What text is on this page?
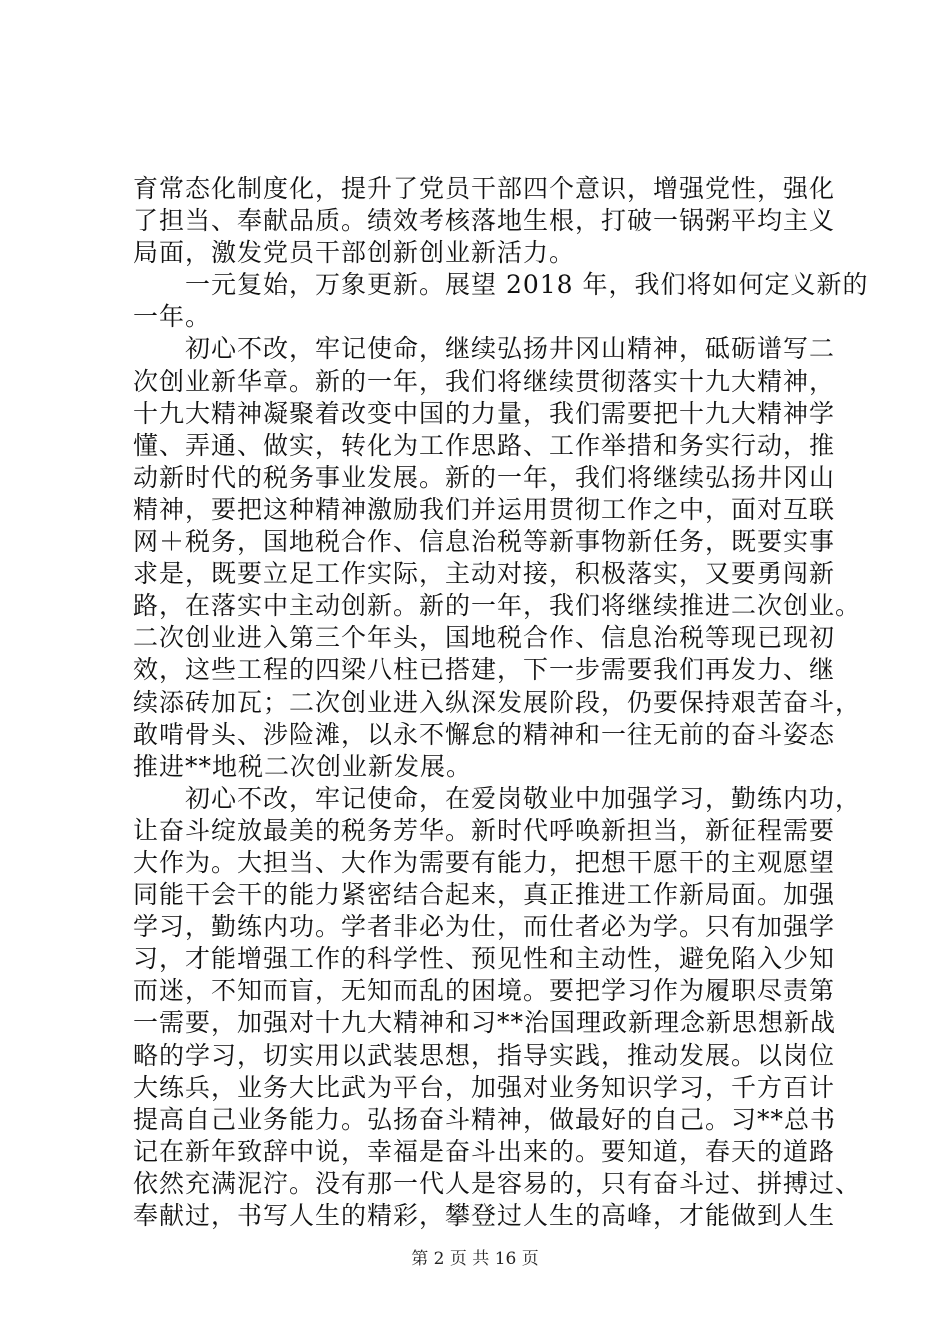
育常态化制度化，提升了党员干部四个意识，增强党性，强化
了担当、奉献品质。绩效考核落地生根，打破一锅粥平均主义
局面，激发党员干部创新创业新活力。
　　一元复始，万象更新。展望 2018 年，我们将如何定义新的
一年。
　　初心不改，牢记使命，继续弘扬井冈山精神，砥砺谱写二
次创业新华章。新的一年，我们将继续贯彻落实十九大精神，
十九大精神凝聚着改变中国的力量，我们需要把十九大精神学
懂、弄通、做实，转化为工作思路、工作举措和务实行动，推
动新时代的税务事业发展。新的一年，我们将继续弘扬井冈山
精神，要把这种精神激励我们并运用贯彻工作之中，面对互联
网＋税务，国地税合作、信息治税等新事物新任务，既要实事
求是，既要立足工作实际，主动对接，积极落实，又要勇闯新
路，在落实中主动创新。新的一年，我们将继续推进二次创业。
二次创业进入第三个年头，国地税合作、信息治税等现已现初
效，这些工程的四梁八柱已搭建，下一步需要我们再发力、继
续添砖加瓦；二次创业进入纵深发展阶段，仍要保持艰苦奋斗，
敢啃骨头、涉险滩，以永不懈怠的精神和一往无前的奋斗姿态
推进**地税二次创业新发展。
　　初心不改，牢记使命，在爱岗敬业中加强学习，勤练内功，
让奋斗绽放最美的税务芳华。新时代呼唤新担当，新征程需要
大作为。大担当、大作为需要有能力，把想干愿干的主观愿望
同能干会干的能力紧密结合起来，真正推进工作新局面。加强
学习，勤练内功。学者非必为仕，而仕者必为学。只有加强学
习，才能增强工作的科学性、预见性和主动性，避免陷入少知
而迷，不知而盲，无知而乱的困境。要把学习作为履职尽责第
一需要，加强对十九大精神和习**治国理政新理念新思想新战
略的学习，切实用以武装思想，指导实践，推动发展。以岗位
大练兵，业务大比武为平台，加强对业务知识学习，千方百计
提高自己业务能力。弘扬奋斗精神，做最好的自己。习**总书
记在新年致辞中说，幸福是奋斗出来的。要知道，春天的道路
依然充满泥泞。没有那一代人是容易的，只有奋斗过、拼搏过、
奉献过，书写人生的精彩，攀登过人生的高峰，才能做到人生
第 2 页 共 16 页
